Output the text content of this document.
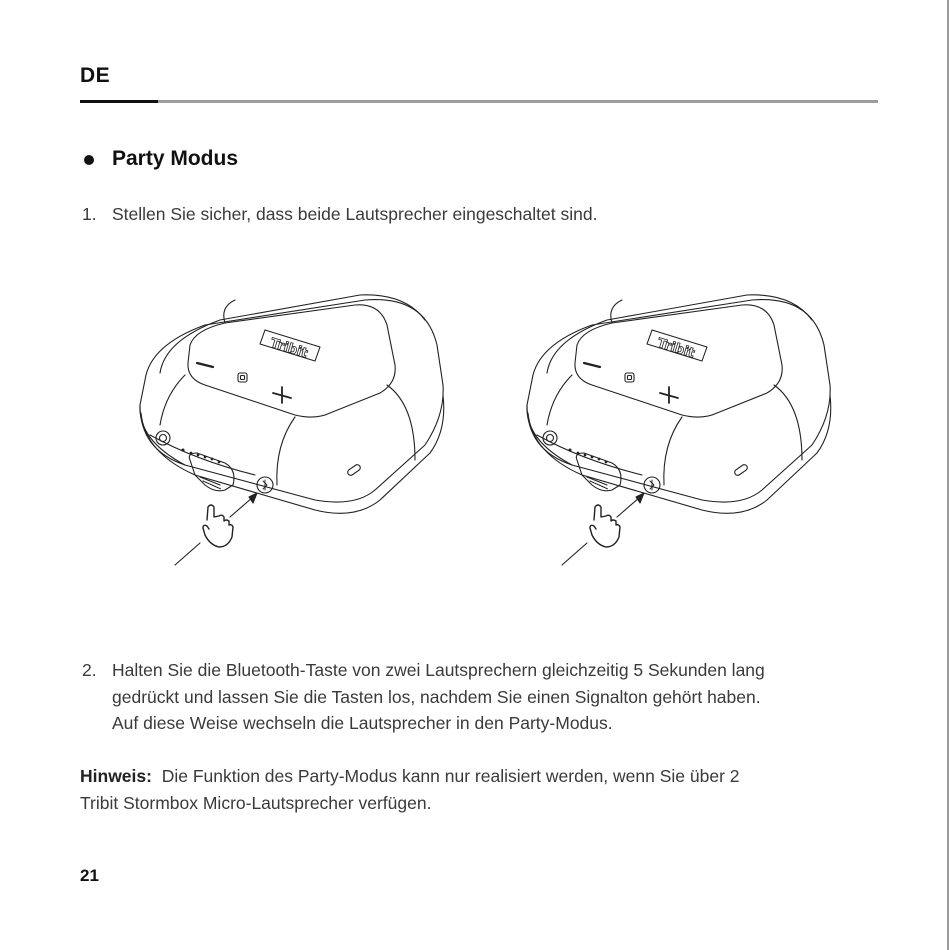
DE
Party Modus
1. Stellen Sie sicher, dass beide Lautsprecher eingeschaltet sind.
Tribit	Tribit
2. Halten Sie die Bluetooth-Taste von zwei Lautsprechern gleichzeitig 5 Sekunden lang
gedrückt und lassen Sie die Tasten los, nachdem Sie einen Signalton gehört haben.
Auf diese Weise wechseln die Lautsprecher in den Party-Modus.
Hinweis: Die Funktion des Party-Modus kann nur realisiert werden, wenn Sie über 2
Tribit Stormbox Micro-Lautsprecher verfügen.
21
